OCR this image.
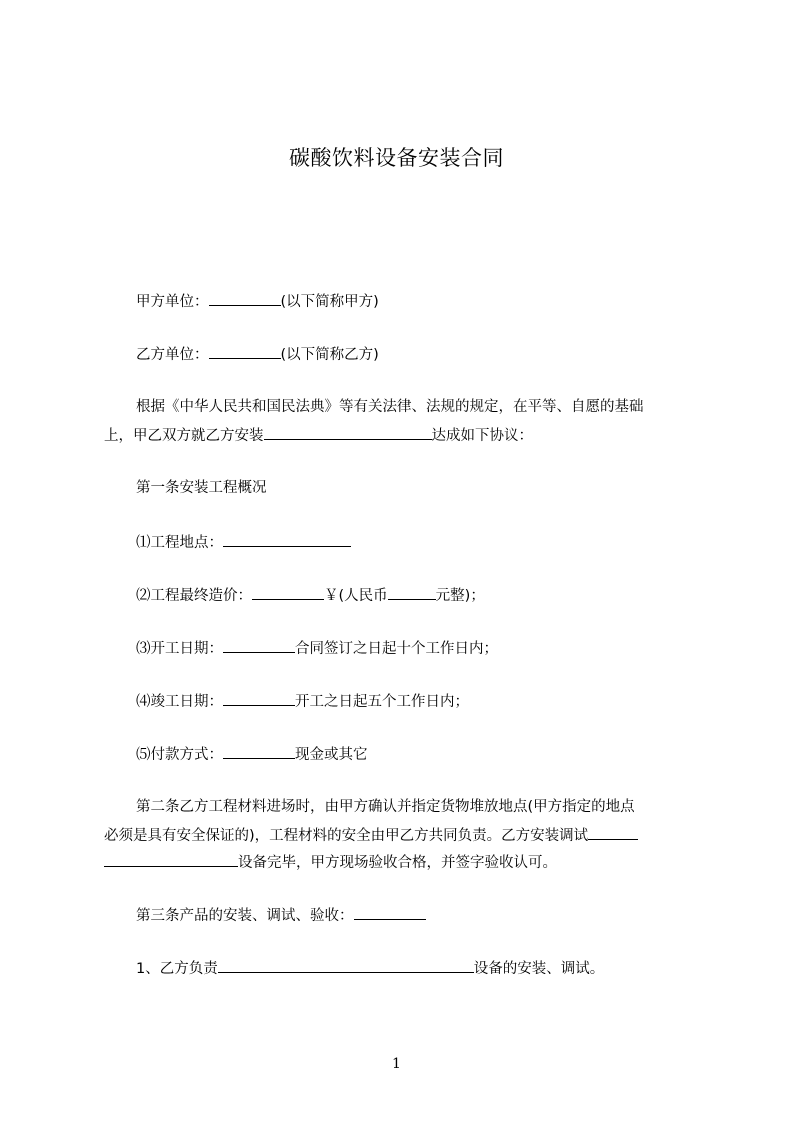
碳酸饮料设备安装合同
甲方单位：	(以下简称甲方)
乙方单位：	(以下简称乙方)
根据《中华人民共和国民法典》等有关法律、法规的规定，在平等、自愿的基础
上，甲乙双方就乙方安装	达成如下协议：
第一条安装工程概况
⑴工程地点：
⑵工程最终造价：	￥(人民币	元整)；
⑶开工日期：	合同签订之日起十个工作日内；
⑷竣工日期：	开工之日起五个工作日内；
⑸付款方式：	现金或其它
第二条乙方工程材料进场时，由甲方确认并指定货物堆放地点(甲方指定的地点
必须是具有安全保证的)，工程材料的安全由甲乙方共同负责。乙方安装调试
设备完毕，甲方现场验收合格，并签字验收认可。
第三条产品的安装、调试、验收：
1、乙方负责	设备的安装、调试。
1
